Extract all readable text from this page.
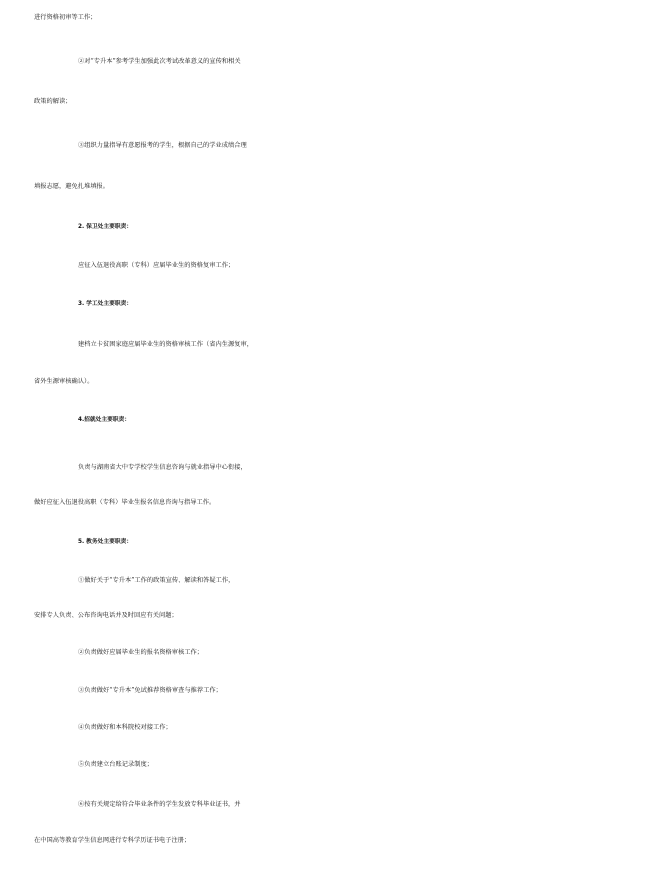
进行资格初审等工作；
②对“专升本”参考学生加强此次考试改革意义的宣传和相关
政策的解读；
③组织力量指导有意愿报考的学生，根据自己的学业成绩合理
填报志愿，避免扎堆填报。
2. 保卫处主要职责：
应征入伍退役高职（专科）应届毕业生的资格复审工作；
3. 学工处主要职责：
建档立卡贫困家庭应届毕业生的资格审核工作（省内生源复审，
省外生源审核确认）。
4.招就处主要职责：
负责与湖南省大中专学校学生信息咨询与就业指导中心衔接，
做好应征入伍退役高职（专科）毕业生报名信息咨询与指导工作。
5. 教务处主要职责：
①做好关于“专升本”工作的政策宣传、解读和答疑工作，
安排专人负责、公布咨询电话并及时回应有关问题；
②负责做好应届毕业生的报名资格审核工作；
③负责做好“专升本”免试推荐资格审查与推荐工作；
④负责做好和本科院校对接工作；
⑤负责建立台账记录制度；
⑥按有关规定给符合毕业条件的学生发放专科毕业证书，并
在中国高等教育学生信息网进行专科学历证书电子注册；
